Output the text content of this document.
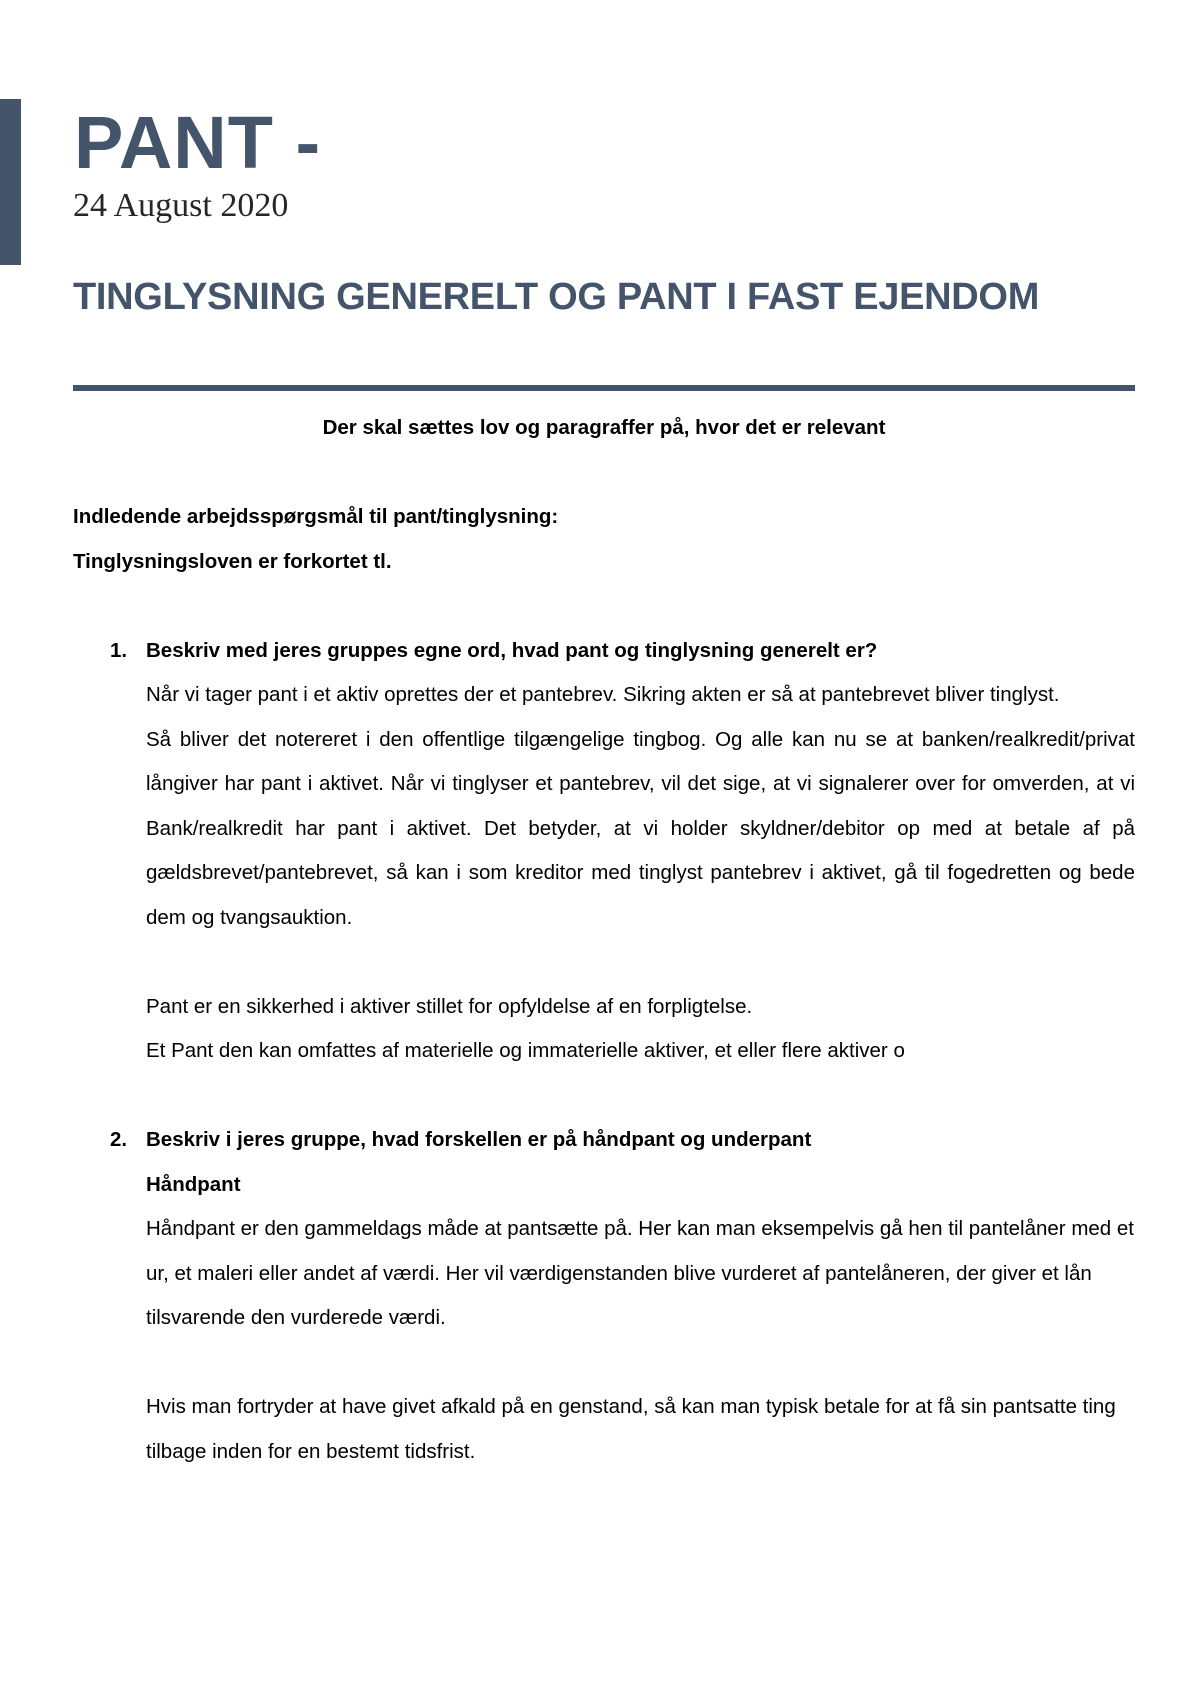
PANT -
24 August 2020
TINGLYSNING GENERELT OG PANT I FAST EJENDOM

Der skal sættes lov og paragraffer på, hvor det er relevant

Indledende arbejdsspørgsmål til pant/tinglysning:

Tinglysningsloven er forkortet tl.

1. Beskriv med jeres gruppes egne ord, hvad pant og tinglysning generelt er?

Når vi tager pant i et aktiv oprettes der et pantebrev. Sikring akten er så at pantebrevet bliver tinglyst.

Så bliver det notereret i den offentlige tilgængelige tingbog. Og alle kan nu se at banken/realkredit/privat långiver har pant i aktivet. Når vi tinglyser et pantebrev, vil det sige, at vi signalerer over for omverden, at vi Bank/realkredit har pant i aktivet. Det betyder, at vi holder skyldner/debitor op med at betale af på gældsbrevet/pantebrevet, så kan i som kreditor med tinglyst pantebrev i aktivet, gå til fogedretten og bede dem og tvangsauktion.

Pant er en sikkerhed i aktiver stillet for opfyldelse af en forpligtelse.

Et Pant den kan omfattes af materielle og immaterielle aktiver, et eller flere aktiver o

2. Beskriv i jeres gruppe, hvad forskellen er på håndpant og underpant

Håndpant

Håndpant er den gammeldags måde at pantsætte på. Her kan man eksempelvis gå hen til pantelåner med et ur, et maleri eller andet af værdi. Her vil værdigenstanden blive vurderet af pantelåneren, der giver et lån tilsvarende den vurderede værdi.

Hvis man fortryder at have givet afkald på en genstand, så kan man typisk betale for at få sin pantsatte ting tilbage inden for en bestemt tidsfrist.
